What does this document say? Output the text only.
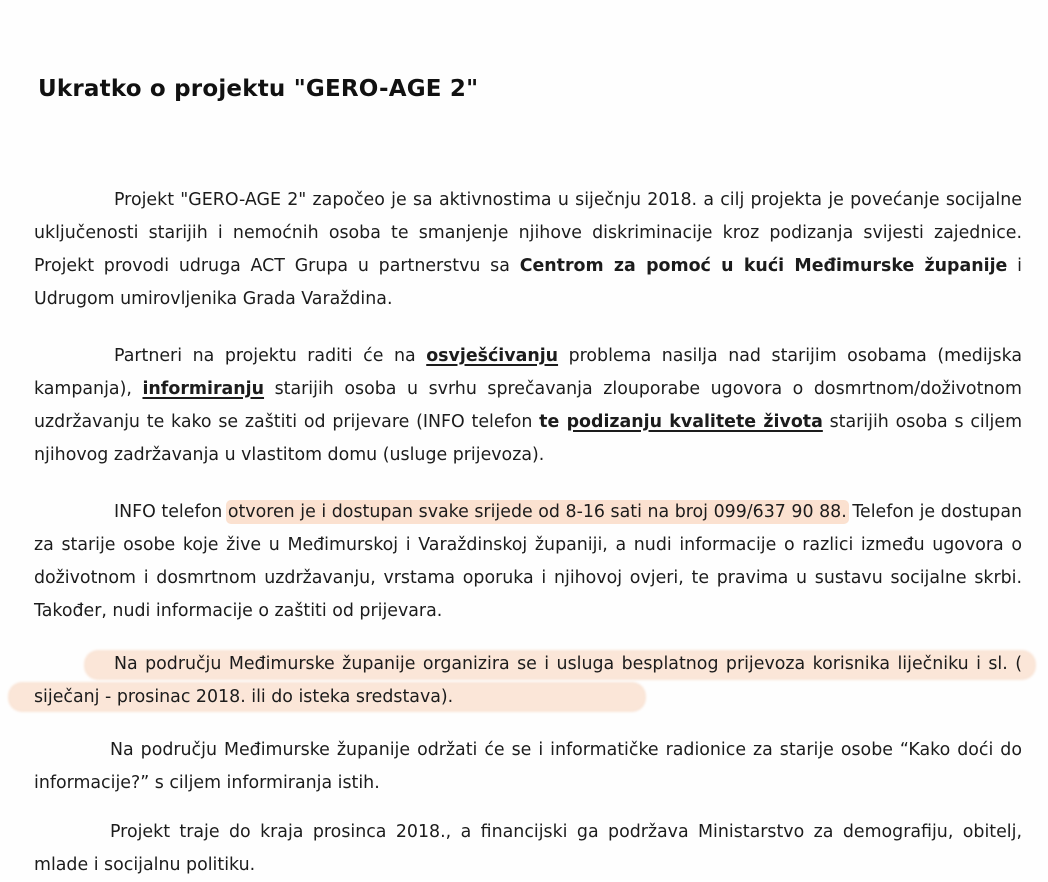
Ukratko o projektu "GERO-AGE 2"
Projekt "GERO-AGE 2" započeo je sa aktivnostima u siječnju 2018. a cilj projekta je povećanje socijalne uključenosti starijih i nemoćnih osoba te smanjenje njihove diskriminacije kroz podizanja svijesti zajednice. Projekt provodi udruga ACT Grupa u partnerstvu sa Centrom za pomoć u kući Međimurske županije i Udrugom umirovljenika Grada Varaždina.
Partneri na projektu raditi će na osvješćivanju problema nasilja nad starijim osobama (medijska kampanja), informiranju starijih osoba u svrhu sprečavanja zlouporabe ugovora o dosmrtnom/doživotnom uzdržavanju te kako se zaštiti od prijevare (INFO telefon te podizanju kvalitete života starijih osoba s ciljem njihovog zadržavanja u vlastitom domu (usluge prijevoza).
INFO telefon otvoren je i dostupan svake srijede od 8-16 sati na broj 099/637 90 88. Telefon je dostupan za starije osobe koje žive u Međimurskoj i Varaždinskoj županiji, a nudi informacije o razlici između ugovora o doživotnom i dosmrtnom uzdržavanju, vrstama oporuka i njihovoj ovjeri, te pravima u sustavu socijalne skrbi. Također, nudi informacije o zaštiti od prijevara.
Na području Međimurske županije organizira se i usluga besplatnog prijevoza korisnika liječniku i sl. ( siječanj - prosinac 2018. ili do isteka sredstava).
Na području Međimurske županije održati će se i informatičke radionice za starije osobe “Kako doći do informacije?” s ciljem informiranja istih.
Projekt traje do kraja prosinca 2018., a financijski ga podržava Ministarstvo za demografiju, obitelj, mlade i socijalnu politiku.
